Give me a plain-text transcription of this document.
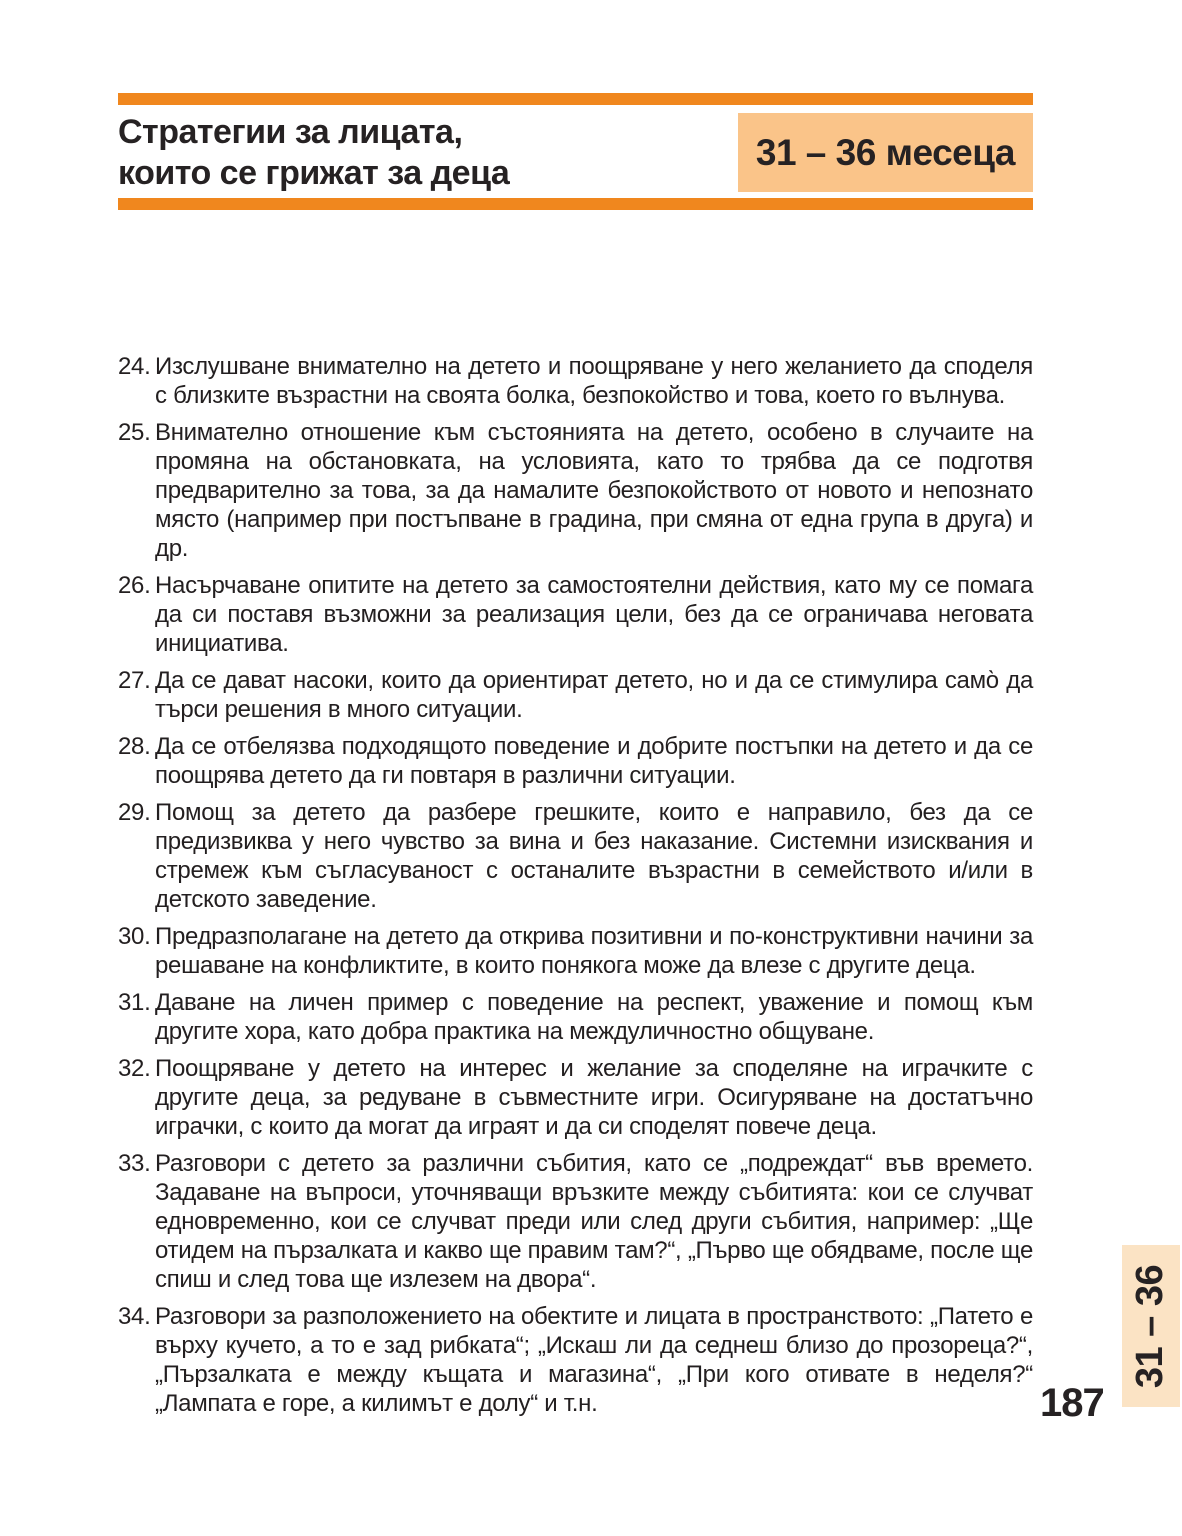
Стратегии за лицата,
които се грижат за деца	31 – 36 месеца
24. Изслушване внимателно на детето и поощряване у него желанието да споделя с близките възрастни на своята болка, безпокойство и това, което го вълнува.
25. Внимателно отношение към състоянията на детето, особено в случаите на промяна на обстановката, на условията, като то трябва да се подготвя предварително за това, за да намалите безпокойството от новото и непознато място (например при постъпване в градина, при смяна от една група в друга) и др.
26. Насърчаване опитите на детето за самостоятелни действия, като му се помага да си поставя възможни за реализация цели, без да се ограничава неговата инициатива.
27. Да се дават насоки, които да ориентират детето, но и да се стимулира само̀ да търси решения в много ситуации.
28. Да се отбелязва подходящото поведение и добрите постъпки на детето и да се поощрява детето да ги повтаря в различни ситуации.
29. Помощ за детето да разбере грешките, които е направило, без да се предизвиква у него чувство за вина и без наказание. Системни изисквания и стремеж към съгласуваност с останалите възрастни в семейството и/или в детското заведение.
30. Предразполагане на детето да открива позитивни и по-конструктивни начини за решаване на конфликтите, в които понякога може да влезе с другите деца.
31. Даване на личен пример с поведение на респект, уважение и помощ към другите хора, като добра практика на междуличностно общуване.
32. Поощряване у детето на интерес и желание за споделяне на играчките с другите деца, за редуване в съвместните игри. Осигуряване на достатъчно играчки, с които да могат да играят и да си споделят повече деца.
33. Разговори с детето за различни събития, като се „подреждат“ във времето. Задаване на въпроси, уточняващи връзките между събитията: кои се случват едновременно, кои се случват преди или след други събития, например: „Ще отидем на пързалката и какво ще правим там?“, „Първо ще обядваме, после ще спиш и след това ще излезем на двора“.
34. Разговори за разположението на обектите и лицата в пространството: „Патето е върху кучето, а то е зад рибката“; „Искаш ли да седнеш близо до прозореца?“, „Пързалката е между къщата и магазина“, „При кого отивате в неделя?“ „Лампата е горе, а килимът е долу“ и т.н.
31 – 36
187
